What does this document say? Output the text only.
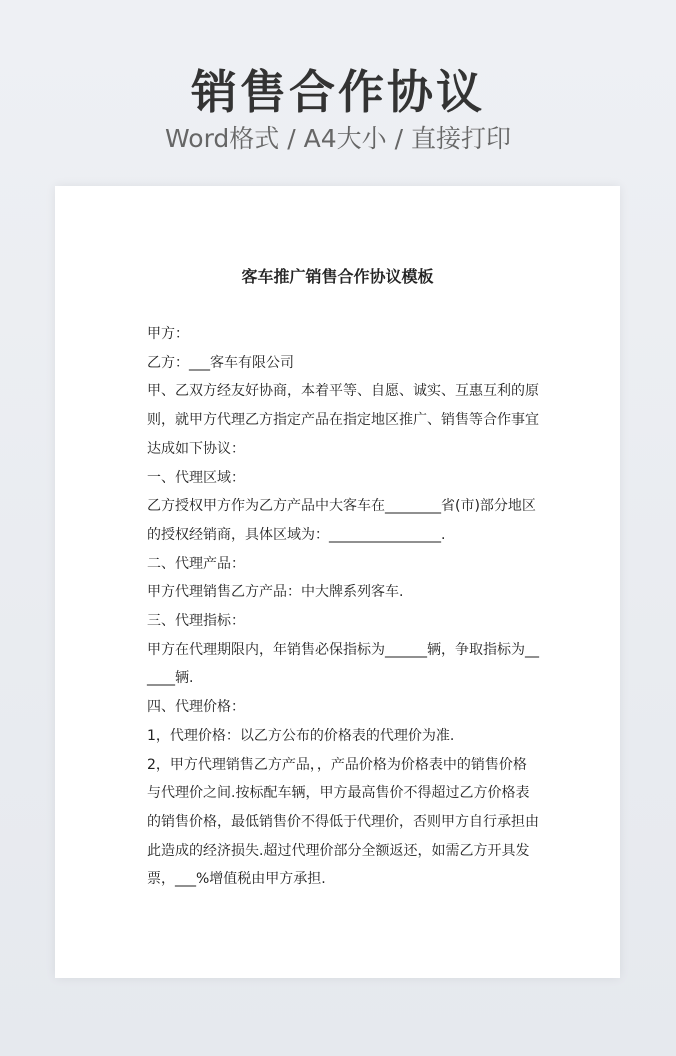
销售合作协议
Word格式 / A4大小 / 直接打印
客车推广销售合作协议模板

甲方：

乙方：___客车有限公司

甲、乙双方经友好协商，本着平等、自愿、诚实、互惠互利的原则，就甲方代理乙方指定产品在指定地区推广、销售等合作事宜达成如下协议：

一、代理区域：

乙方授权甲方作为乙方产品中大客车在________省(市)部分地区的授权经销商，具体区域为：________________.

二、代理产品：

甲方代理销售乙方产品：中大牌系列客车.

三、代理指标：

甲方在代理期限内，年销售必保指标为______辆，争取指标为______辆.

四、代理价格：

1，代理价格：以乙方公布的价格表的代理价为准.

2，甲方代理销售乙方产品，，产品价格为价格表中的销售价格与代理价之间.按标配车辆，甲方最高售价不得超过乙方价格表的销售价格，最低销售价不得低于代理价，否则甲方自行承担由此造成的经济损失.超过代理价部分全额返还，如需乙方开具发票，___%增值税由甲方承担.
